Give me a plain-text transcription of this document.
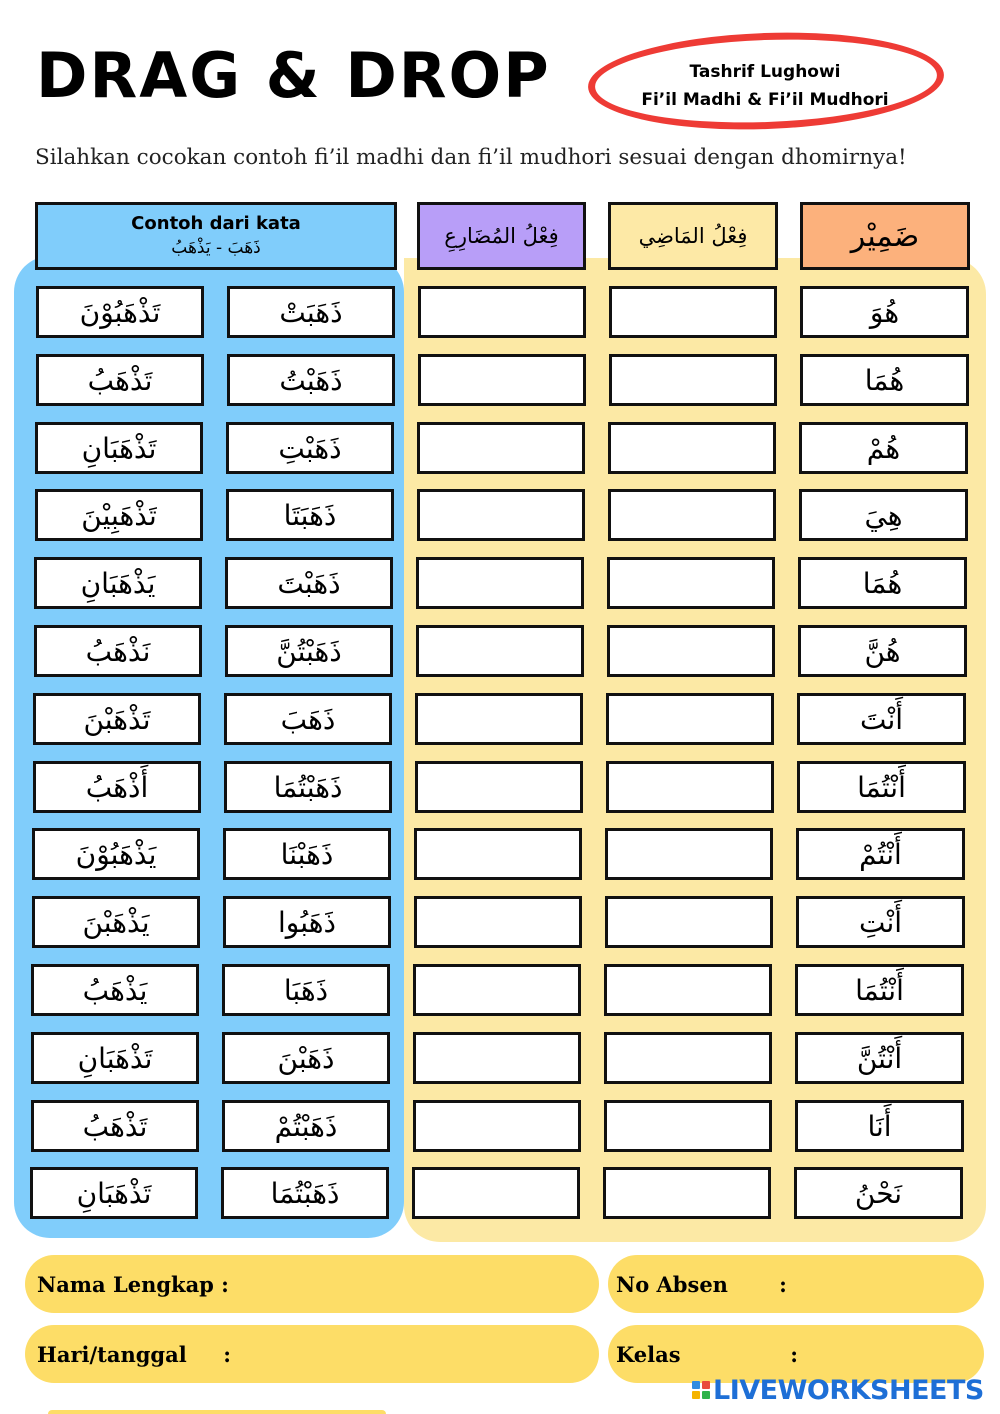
DRAG & DROP	Tashrif Lughowi
Fi’il Madhi & Fi’il Mudhori
Silahkan cocokan contoh fi’il madhi dan fi’il mudhori sesuai dengan dhomirnya!
Contoh dari kata
ذَهَبَ - يَذْهَبُ	فِعْلُ المُضَارِعِ	فِعْلُ المَاضِي	ضَمِيْر
تَذْهَبُوْنَ	ذَهَبَتْ	هُوَ
تَذْهَبُ	ذَهَبْتُ	هُمَا
تَذْهَبَانِ	ذَهَبْتِ	هُمْ
تَذْهَبِيْنَ	ذَهَبَتَا	هِيَ
يَذْهَبَانِ	ذَهَبْتَ	هُمَا
نَذْهَبُ	ذَهَبْتُنَّ	هُنَّ
تَذْهَبْنَ	ذَهَبَ	أَنْتَ
أَذْهَبُ	ذَهَبْتُمَا	أَنْتُمَا
يَذْهَبُوْنَ	ذَهَبْنَا	أَنْتُمْ
يَذْهَبْنَ	ذَهَبُوا	أَنْتِ
يَذْهَبُ	ذَهَبَا	أَنْتُمَا
تَذْهَبَانِ	ذَهَبْنَ	أَنْتُنَّ
تَذْهَبُ	ذَهَبْتُمْ	أَنَا
تَذْهَبَانِ	ذَهَبْتُمَا	نَحْنُ
Nama Lengkap :	No Absen       :
Hari/tanggal     :	Kelas               :
LIVEWORKSHEETS
